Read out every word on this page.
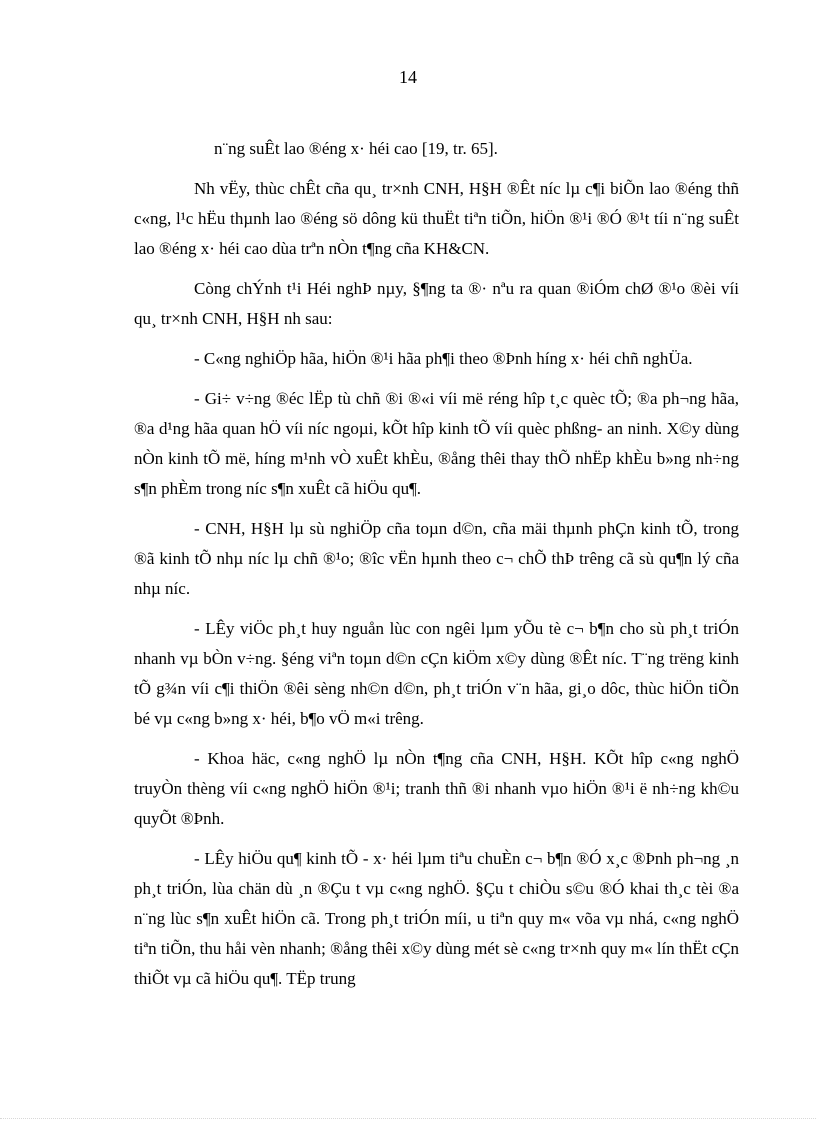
14

n¨ng suÊt lao ®éng x· héi cao [19, tr. 65].

Nh vËy, thùc chÊt cña qu¸ tr×nh CNH, H§H ®Êt níc lµ c¶i biÕn lao ®éng thñ c«ng, l¹c hËu thµnh lao ®éng sö dông kü thuËt tiªn tiÕn, hiÖn ®¹i ®Ó ®¹t tíi n¨ng suÊt lao ®éng x· héi cao dùa trªn nÒn t¶ng cña KH&CN.

Còng chÝnh t¹i Héi nghÞ nµy, §¶ng ta ®· nªu ra quan ®iÓm chØ ®¹o ®èi víi qu¸ tr×nh CNH, H§H nh sau:

- C«ng nghiÖp hãa, hiÖn ®¹i hãa ph¶i theo ®Þnh híng x· héi chñ nghÜa.

- Gi÷ v÷ng ®éc lËp tù chñ ®i ®«i víi më réng hîp t¸c quèc tÕ; ®a ph¬ng hãa, ®a d¹ng hãa quan hÖ víi níc ngoµi, kÕt hîp kinh tÕ víi quèc phßng- an ninh. X©y dùng nÒn kinh tÕ më, híng m¹nh vÒ xuÊt khÈu, ®ång thêi thay thÕ nhËp khÈu b»ng nh÷ng s¶n phÈm trong níc s¶n xuÊt cã hiÖu qu¶.

- CNH, H§H lµ sù nghiÖp cña toµn d©n, cña mäi thµnh phÇn kinh tÕ, trong ®ã kinh tÕ nhµ níc lµ chñ ®¹o; ®îc vËn hµnh theo c¬ chÕ thÞ trêng cã sù qu¶n lý cña nhµ níc.

- LÊy viÖc ph¸t huy nguån lùc con ngêi lµm yÕu tè c¬ b¶n cho sù ph¸t triÓn nhanh vµ bÒn v÷ng. §éng viªn toµn d©n cÇn kiÖm x©y dùng ®Êt níc. T¨ng trëng kinh tÕ g¾n víi c¶i thiÖn ®êi sèng nh©n d©n, ph¸t triÓn v¨n hãa, gi¸o dôc, thùc hiÖn tiÕn bé vµ c«ng b»ng x· héi, b¶o vÖ m«i trêng.

- Khoa häc, c«ng nghÖ lµ nÒn t¶ng cña CNH, H§H. KÕt hîp c«ng nghÖ truyÒn thèng víi c«ng nghÖ hiÖn ®¹i; tranh thñ ®i nhanh vµo hiÖn ®¹i ë nh÷ng kh©u quyÕt ®Þnh.

- LÊy hiÖu qu¶ kinh tÕ - x· héi lµm tiªu chuÈn c¬ b¶n ®Ó x¸c ®Þnh ph¬ng ¸n ph¸t triÓn, lùa chän dù ¸n ®Çu t vµ c«ng nghÖ. §Çu t chiÒu s©u ®Ó khai th¸c tèi ®a n¨ng lùc s¶n xuÊt hiÖn cã. Trong ph¸t triÓn míi, u tiªn quy m« võa vµ nhá, c«ng nghÖ tiªn tiÕn, thu håi vèn nhanh; ®ång thêi x©y dùng mét sè c«ng tr×nh quy m« lín thËt cÇn thiÕt vµ cã hiÖu qu¶. TËp trung
